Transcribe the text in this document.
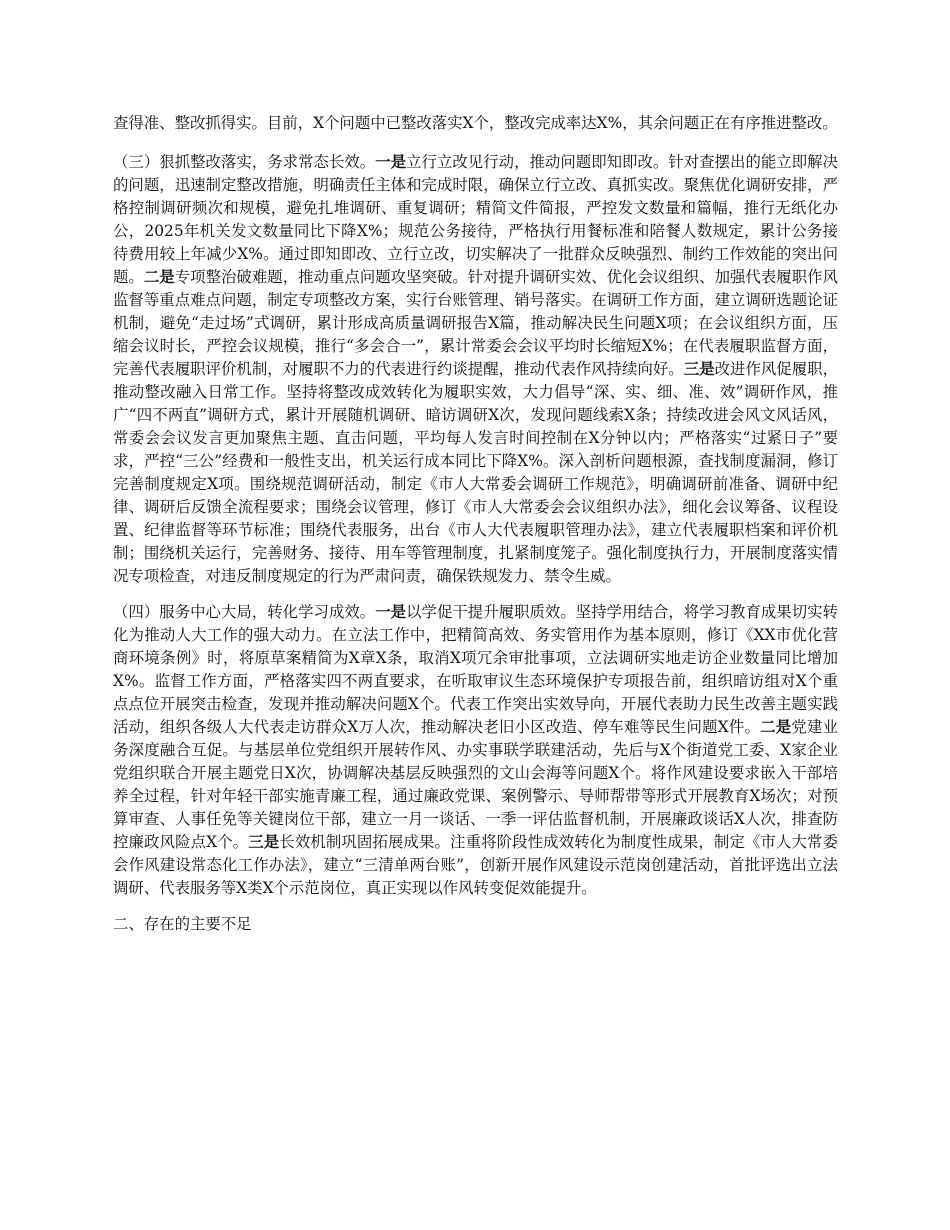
查得准、整改抓得实。目前，X个问题中已整改落实X个，整改完成率达X%，其余问题正在有序推进整改。

（三）狠抓整改落实，务求常态长效。一是立行立改见行动，推动问题即知即改。针对查摆出的能立即解决的问题，迅速制定整改措施，明确责任主体和完成时限，确保立行立改、真抓实改。聚焦优化调研安排，严格控制调研频次和规模，避免扎堆调研、重复调研；精简文件简报，严控发文数量和篇幅，推行无纸化办公，2025年机关发文数量同比下降X%；规范公务接待，严格执行用餐标准和陪餐人数规定，累计公务接待费用较上年减少X%。通过即知即改、立行立改，切实解决了一批群众反映强烈、制约工作效能的突出问题。二是专项整治破难题，推动重点问题攻坚突破。针对提升调研实效、优化会议组织、加强代表履职作风监督等重点难点问题，制定专项整改方案，实行台账管理、销号落实。在调研工作方面，建立调研选题论证机制，避免“走过场”式调研，累计形成高质量调研报告X篇，推动解决民生问题X项；在会议组织方面，压缩会议时长，严控会议规模，推行“多会合一”，累计常委会会议平均时长缩短X%；在代表履职监督方面，完善代表履职评价机制，对履职不力的代表进行约谈提醒，推动代表作风持续向好。三是改进作风促履职，推动整改融入日常工作。坚持将整改成效转化为履职实效，大力倡导“深、实、细、准、效”调研作风，推广“四不两直”调研方式，累计开展随机调研、暗访调研X次，发现问题线索X条；持续改进会风文风话风，常委会会议发言更加聚焦主题、直击问题，平均每人发言时间控制在X分钟以内；严格落实“过紧日子”要求，严控“三公”经费和一般性支出，机关运行成本同比下降X%。深入剖析问题根源，查找制度漏洞，修订完善制度规定X项。围绕规范调研活动，制定《市人大常委会调研工作规范》，明确调研前准备、调研中纪律、调研后反馈全流程要求；围绕会议管理，修订《市人大常委会会议组织办法》，细化会议筹备、议程设置、纪律监督等环节标准；围绕代表服务，出台《市人大代表履职管理办法》，建立代表履职档案和评价机制；围绕机关运行，完善财务、接待、用车等管理制度，扎紧制度笼子。强化制度执行力，开展制度落实情况专项检查，对违反制度规定的行为严肃问责，确保铁规发力、禁令生威。

（四）服务中心大局，转化学习成效。一是以学促干提升履职质效。坚持学用结合，将学习教育成果切实转化为推动人大工作的强大动力。在立法工作中，把精简高效、务实管用作为基本原则，修订《XX市优化营商环境条例》时，将原草案精简为X章X条，取消X项冗余审批事项，立法调研实地走访企业数量同比增加X%。监督工作方面，严格落实四不两直要求，在听取审议生态环境保护专项报告前，组织暗访组对X个重点点位开展突击检查，发现并推动解决问题X个。代表工作突出实效导向，开展代表助力民生改善主题实践活动，组织各级人大代表走访群众X万人次，推动解决老旧小区改造、停车难等民生问题X件。二是党建业务深度融合互促。与基层单位党组织开展转作风、办实事联学联建活动，先后与X个街道党工委、X家企业党组织联合开展主题党日X次，协调解决基层反映强烈的文山会海等问题X个。将作风建设要求嵌入干部培养全过程，针对年轻干部实施青廉工程，通过廉政党课、案例警示、导师帮带等形式开展教育X场次；对预算审查、人事任免等关键岗位干部，建立一月一谈话、一季一评估监督机制，开展廉政谈话X人次，排查防控廉政风险点X个。三是长效机制巩固拓展成果。注重将阶段性成效转化为制度性成果，制定《市人大常委会作风建设常态化工作办法》，建立“三清单两台账”，创新开展作风建设示范岗创建活动，首批评选出立法调研、代表服务等X类X个示范岗位，真正实现以作风转变促效能提升。

二、存在的主要不足
